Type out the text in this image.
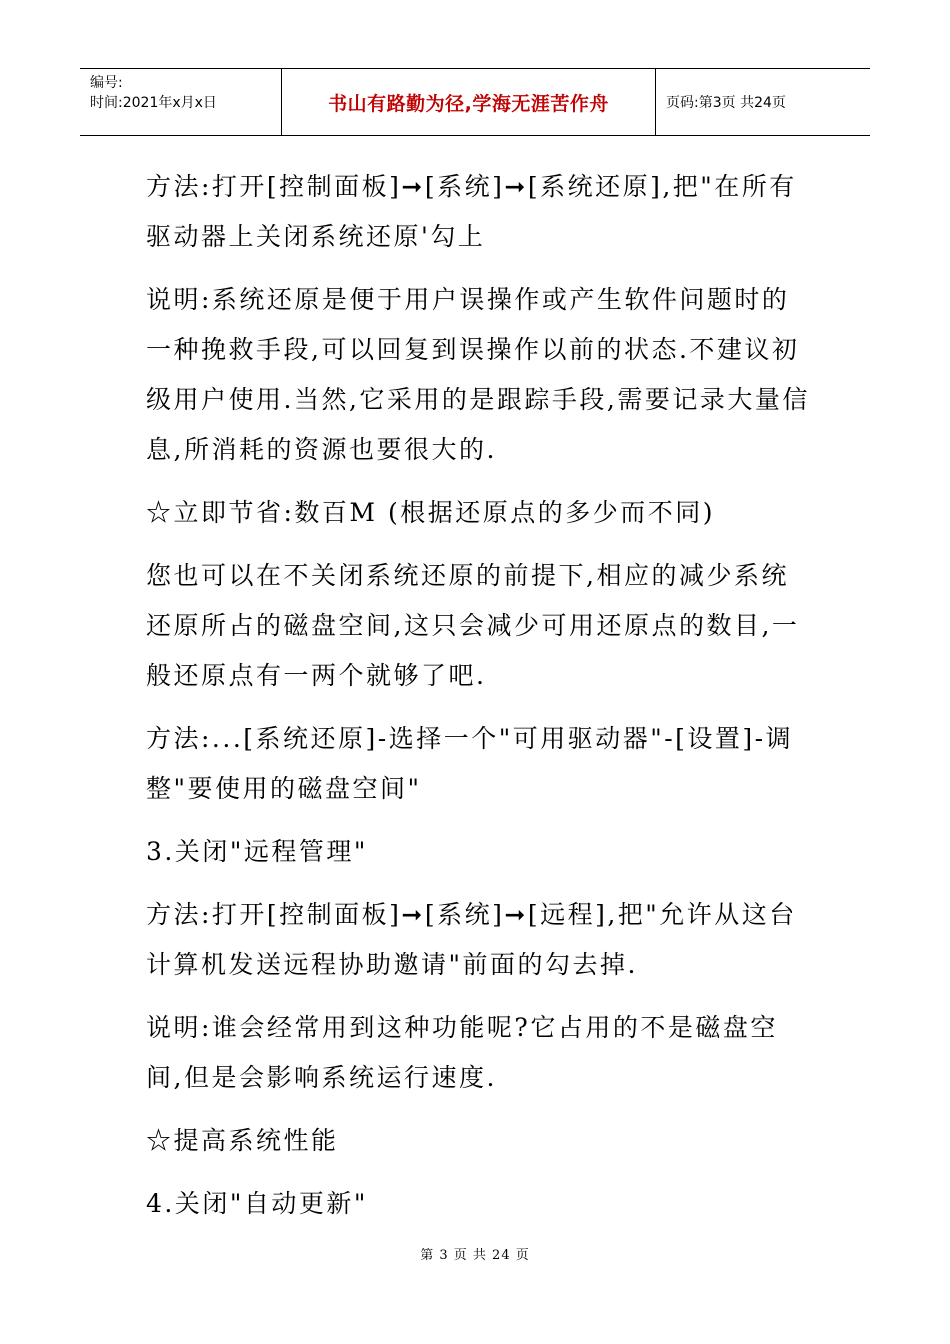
编号:
时间:2021年x月x日	书山有路勤为径,学海无涯苦作舟	页码:第3页 共24页

方法:打开[控制面板]➞[系统]➞[系统还原],把"在所有驱动器上关闭系统还原'勾上

说明:系统还原是便于用户误操作或产生软件问题时的一种挽救手段,可以回复到误操作以前的状态.不建议初级用户使用.当然,它采用的是跟踪手段,需要记录大量信息,所消耗的资源也要很大的.

☆立即节省:数百M (根据还原点的多少而不同)

您也可以在不关闭系统还原的前提下,相应的减少系统还原所占的磁盘空间,这只会减少可用还原点的数目,一般还原点有一两个就够了吧.

方法:...[系统还原]-选择一个"可用驱动器"-[设置]-调整"要使用的磁盘空间"

3.关闭"远程管理"

方法:打开[控制面板]➞[系统]➞[远程],把"允许从这台计算机发送远程协助邀请"前面的勾去掉.

说明:谁会经常用到这种功能呢?它占用的不是磁盘空间,但是会影响系统运行速度.

☆提高系统性能

4.关闭"自动更新"

第 3 页 共 24 页
